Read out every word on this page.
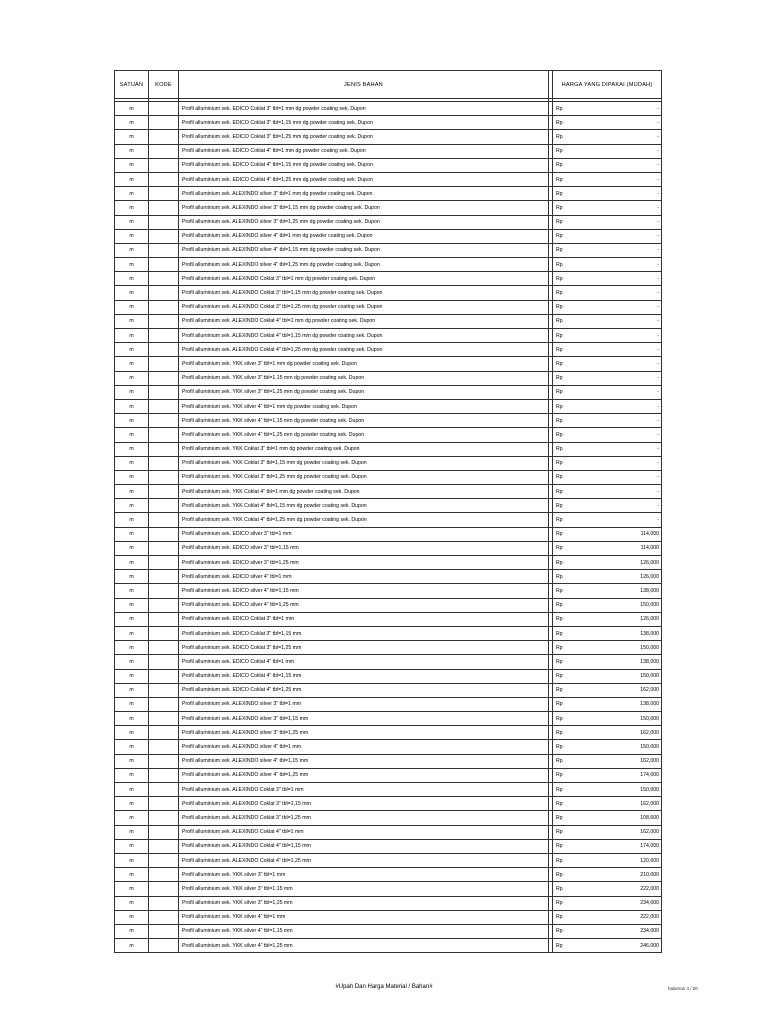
SATUAN	KODE	JENIS BAHAN		HARGA YANG DIPAKAI (MUDAH)

m		Profil alluminium sek. EDICO Coklat 3" tbl=1 mm dg powder coating sek. Dupon		Rp -

m		Profil alluminium sek. EDICO Coklat 3" tbl=1,15 mm dg powder coating sek. Dupon		Rp -

m		Profil alluminium sek. EDICO Coklat 3" tbl=1,25 mm dg powder coating sek. Dupon		Rp -

m		Profil alluminium sek. EDICO Coklat 4" tbl=1 mm dg powder coating sek. Dupon		Rp -

m		Profil alluminium sek. EDICO Coklat 4" tbl=1,15 mm dg powder coating sek. Dupon		Rp -

m		Profil alluminium sek. EDICO Coklat 4" tbl=1,25 mm dg powder coating sek. Dupon		Rp -

m		Profil alluminium sek. ALEXINDO silver 3" tbl=1 mm dg powder coating sek. Dupon		Rp -

m		Profil alluminium sek. ALEXINDO silver 3" tbl=1,15 mm dg powder coating sek. Dupon		Rp -

m		Profil alluminium sek. ALEXINDO silver 3" tbl=1,25 mm dg powder coating sek. Dupon		Rp -

m		Profil alluminium sek. ALEXINDO silver 4" tbl=1 mm dg powder coating sek. Dupon		Rp -

m		Profil alluminium sek. ALEXINDO silver 4" tbl=1,15 mm dg powder coating sek. Dupon		Rp -

m		Profil alluminium sek. ALEXINDO silver 4" tbl=1,25 mm dg powder coating sek. Dupon		Rp -

m		Profil alluminium sek. ALEXINDO Coklat 3" tbl=1 mm dg powder coating sek. Dupon		Rp -

m		Profil alluminium sek. ALEXINDO Coklat 3" tbl=1,15 mm dg powder coating sek. Dupon		Rp -

m		Profil alluminium sek. ALEXINDO Coklat 3" tbl=1,25 mm dg powder coating sek. Dupon		Rp -

m		Profil alluminium sek. ALEXINDO Coklat 4" tbl=1 mm dg powder coating sek. Dupon		Rp -

m		Profil alluminium sek. ALEXINDO Coklat 4" tbl=1,15 mm dg powder coating sek. Dupon		Rp -

m		Profil alluminium sek. ALEXINDO Coklat 4" tbl=1,25 mm dg powder coating sek. Dupon		Rp -

m		Profil alluminium sek. YKK silver 3" tbl=1 mm dg powder coating sek. Dupon		Rp -

m		Profil alluminium sek. YKK silver 3" tbl=1,15 mm dg powder coating sek. Dupon		Rp -

m		Profil alluminium sek. YKK silver 3" tbl=1,25 mm dg powder coating sek. Dupon		Rp -

m		Profil alluminium sek. YKK silver 4" tbl=1 mm dg powder coating sek. Dupon		Rp -

m		Profil alluminium sek. YKK silver 4" tbl=1,15 mm dg powder coating sek. Dupon		Rp -

m		Profil alluminium sek. YKK silver 4" tbl=1,25 mm dg powder coating sek. Dupon		Rp -

m		Profil alluminium sek. YKK Coklat 3" tbl=1 mm dg powder coating sek. Dupon		Rp -

m		Profil alluminium sek. YKK Coklat 3" tbl=1,15 mm dg powder coating sek. Dupon		Rp -

m		Profil alluminium sek. YKK Coklat 3" tbl=1,25 mm dg powder coating sek. Dupon		Rp -

m		Profil alluminium sek. YKK Coklat 4" tbl=1 mm dg powder coating sek. Dupon		Rp -

m		Profil alluminium sek. YKK Coklat 4" tbl=1,15 mm dg powder coating sek. Dupon		Rp -

m		Profil alluminium sek. YKK Coklat 4" tbl=1,25 mm dg powder coating sek. Dupon		Rp -

m		Profil alluminium sek. EDICO silver 3" tbl=1 mm		Rp 114,000

m		Profil alluminium sek. EDICO silver 3" tbl=1,15 mm		Rp 114,000

m		Profil alluminium sek. EDICO silver 3" tbl=1,25 mm		Rp 126,000

m		Profil alluminium sek. EDICO silver 4" tbl=1 mm		Rp 126,000

m		Profil alluminium sek. EDICO silver 4" tbl=1,15 mm		Rp 138,000

m		Profil alluminium sek. EDICO silver 4" tbl=1,25 mm		Rp 150,000

m		Profil alluminium sek. EDICO Coklat 3" tbl=1 mm		Rp 126,000

m		Profil alluminium sek. EDICO Coklat 3" tbl=1,15 mm		Rp 138,000

m		Profil alluminium sek. EDICO Coklat 3" tbl=1,25 mm		Rp 150,000

m		Profil alluminium sek. EDICO Coklat 4" tbl=1 mm		Rp 138,000

m		Profil alluminium sek. EDICO Coklat 4" tbl=1,15 mm		Rp 150,000

m		Profil alluminium sek. EDICO Coklat 4" tbl=1,25 mm		Rp 162,000

m		Profil alluminium sek. ALEXINDO silver 3" tbl=1 mm		Rp 138,000

m		Profil alluminium sek. ALEXINDO silver 3" tbl=1,15 mm		Rp 150,000

m		Profil alluminium sek. ALEXINDO silver 3" tbl=1,25 mm		Rp 162,000

m		Profil alluminium sek. ALEXINDO silver 4" tbl=1 mm		Rp 150,000

m		Profil alluminium sek. ALEXINDO silver 4" tbl=1,15 mm		Rp 162,000

m		Profil alluminium sek. ALEXINDO silver 4" tbl=1,25 mm		Rp 174,000

m		Profil alluminium sek. ALEXINDO Coklat 3" tbl=1 mm		Rp 150,000

m		Profil alluminium sek. ALEXINDO Coklat 3" tbl=1,15 mm		Rp 162,000

m		Profil alluminium sek. ALEXINDO Coklat 3" tbl=1,25 mm		Rp 108,600

m		Profil alluminium sek. ALEXINDO Coklat 4" tbl=1 mm		Rp 162,000

m		Profil alluminium sek. ALEXINDO Coklat 4" tbl=1,15 mm		Rp 174,000

m		Profil alluminium sek. ALEXINDO Coklat 4" tbl=1,25 mm		Rp 120,600

m		Profil alluminium sek. YKK silver 3" tbl=1 mm		Rp 210,000

m		Profil alluminium sek. YKK silver 3" tbl=1,15 mm		Rp 222,000

m		Profil alluminium sek. YKK silver 3" tbl=1,25 mm		Rp 234,000

m		Profil alluminium sek. YKK silver 4" tbl=1 mm		Rp 222,000

m		Profil alluminium sek. YKK silver 4" tbl=1,15 mm		Rp 234,000

m		Profil alluminium sek. YKK silver 4" tbl=1,25 mm		Rp 246,000
#Upah Dan Harga Material / Bahan#	halaman 4 / 20
